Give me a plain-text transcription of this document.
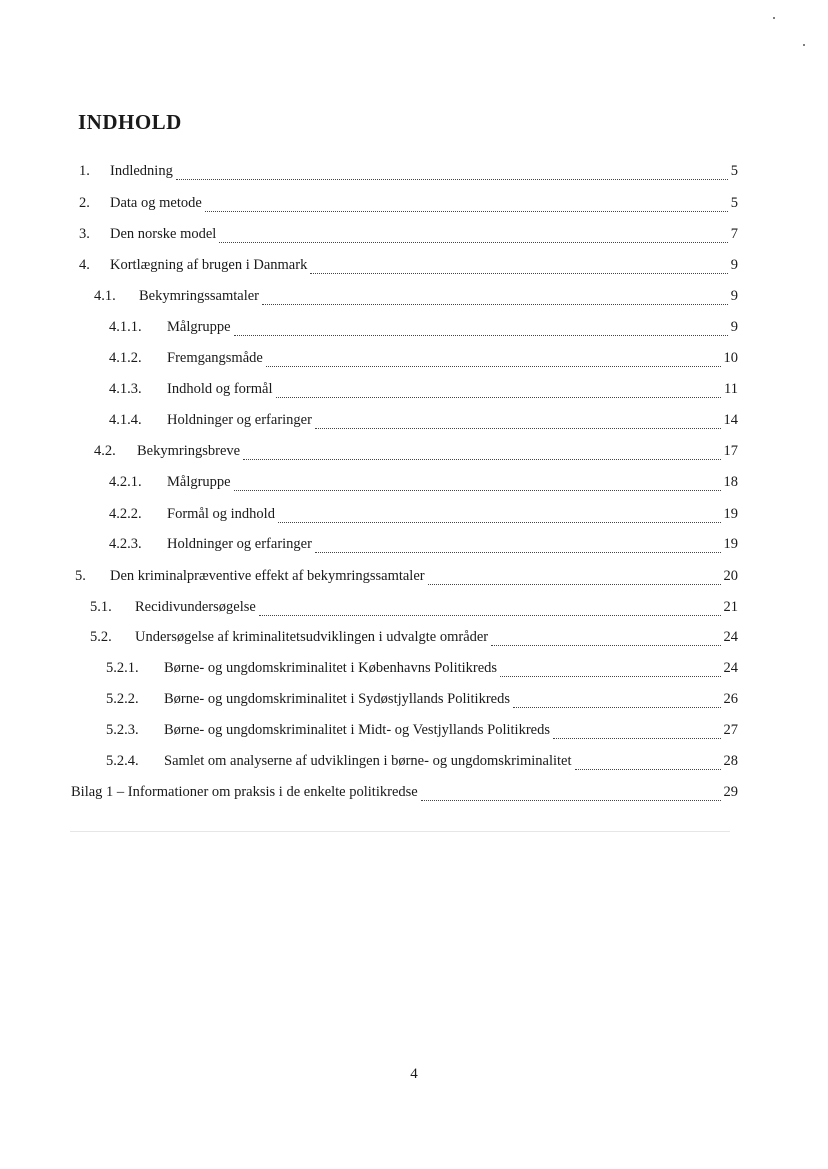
INDHOLD
1.	Indledning	5
2.	Data og metode	5
3.	Den norske model	7
4.	Kortlægning af brugen i Danmark	9
4.1.	Bekymringssamtaler	9
4.1.1.	Målgruppe	9
4.1.2.	Fremgangsmåde	10
4.1.3.	Indhold og formål	11
4.1.4.	Holdninger og erfaringer	14
4.2.	Bekymringsbreve	17
4.2.1.	Målgruppe	18
4.2.2.	Formål og indhold	19
4.2.3.	Holdninger og erfaringer	19
5.	Den kriminalpræventive effekt af bekymringssamtaler	20
5.1.	Recidivundersøgelse	21
5.2.	Undersøgelse af kriminalitetsudviklingen i udvalgte områder	24
5.2.1.	Børne- og ungdomskriminalitet i Københavns Politikreds	24
5.2.2.	Børne- og ungdomskriminalitet i Sydøstjyllands Politikreds	26
5.2.3.	Børne- og ungdomskriminalitet i Midt- og Vestjyllands Politikreds	27
5.2.4.	Samlet om analyserne af udviklingen i børne- og ungdomskriminalitet	28
Bilag 1 – Informationer om praksis i de enkelte politikredse	29
4
